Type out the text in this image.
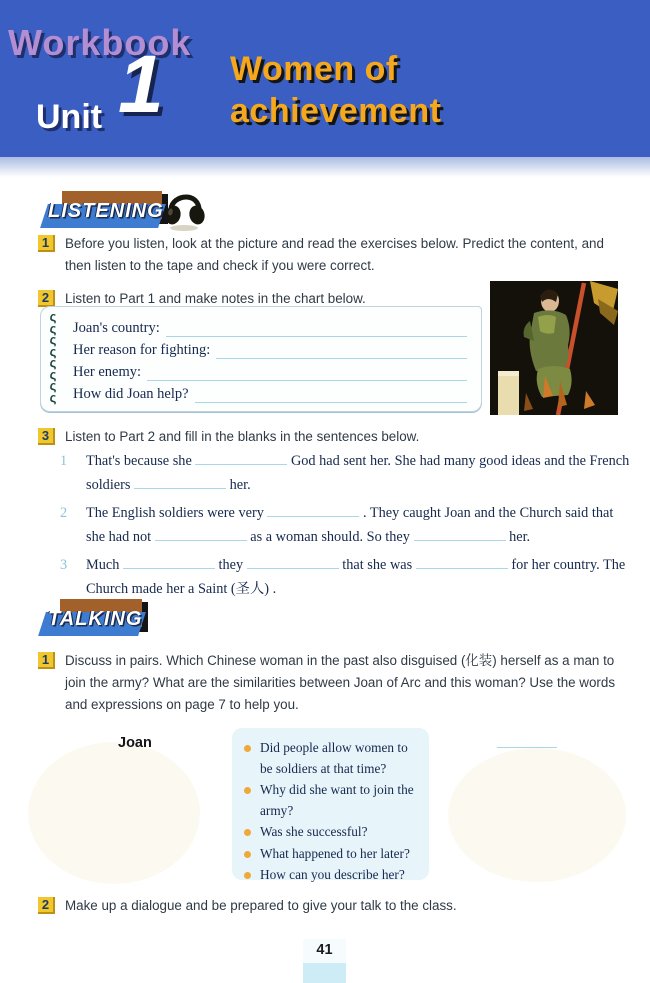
Workbook
Unit 1 Women of
achievement
LISTENING
1	Before you listen, look at the picture and read the exercises below. Predict the content, and then listen to the tape and check if you were correct.
2	Listen to Part 1 and make notes in the chart below.
ς
ς
ς
ς
ς
ς
ς
ς
Joan's country:
Her reason for fighting:
Her enemy:
How did Joan help?
3	Listen to Part 2 and fill in the blanks in the sentences below.
1 That's because she	God had sent her. She had many good ideas and the French soldiers	her.
2 The English soldiers were very	. They caught Joan and the Church said that she had not	as a woman should. So they	her.
3 Much	they	that she was	for her country. The Church made her a Saint (圣人) .
TALKING
1	Discuss in pairs. Which Chinese woman in the past also disguised (化装) herself as a man to join the army? What are the similarities between Joan of Arc and this woman? Use the words and expressions on page 7 to help you.
Joan	Did people allow women to be soldiers at that time?
Why did she want to join the army?
Was she successful?
What happened to her later?
How can you describe her?
2	Make up a dialogue and be prepared to give your talk to the class.
41
